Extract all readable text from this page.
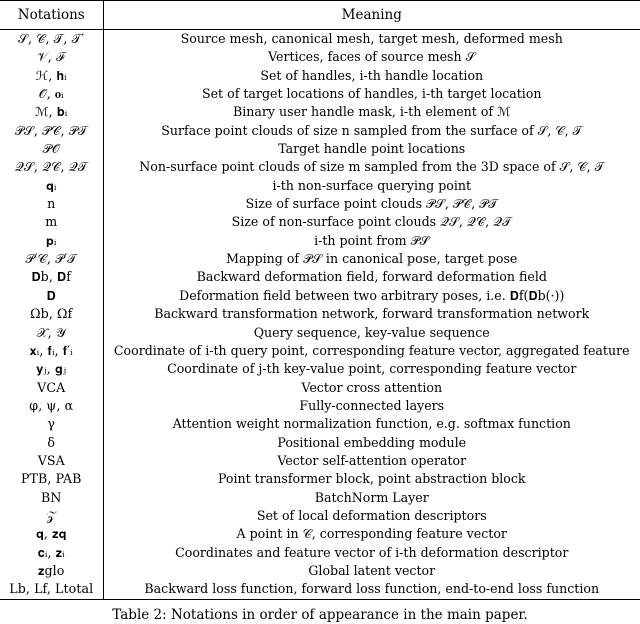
Notations	Meaning
𝒮, 𝒞, 𝒯, 𝒯′	Source mesh, canonical mesh, target mesh, deformed mesh
𝒱, ℱ	Vertices, faces of source mesh 𝒮
ℋ, 𝐡ᵢ	Set of handles, i-th handle location
𝒪, 𝐨ᵢ	Set of target locations of handles, i-th target location
ℳ, 𝐛ᵢ	Binary user handle mask, i-th element of ℳ
𝒫𝒮, 𝒫𝒞, 𝒫𝒯	Surface point clouds of size n sampled from the surface of 𝒮, 𝒞, 𝒯
𝒫𝒪	Target handle point locations
𝒬𝒮, 𝒬𝒞, 𝒬𝒯	Non-surface point clouds of size m sampled from the 3D space of 𝒮, 𝒞, 𝒯
𝐪ᵢ	i-th non-surface querying point
n	Size of surface point clouds 𝒫𝒮, 𝒫𝒞, 𝒫𝒯
m	Size of non-surface point clouds 𝒬𝒮, 𝒬𝒞, 𝒬𝒯
𝐩ᵢ	i-th point from 𝒫𝒮
𝒫′𝒞, 𝒫′𝒯	Mapping of 𝒫𝒮 in canonical pose, target pose
𝐃b, 𝐃f	Backward deformation field, forward deformation field
𝐃	Deformation field between two arbitrary poses, i.e. 𝐃f(𝐃b(·))
Ωb, Ωf	Backward transformation network, forward transformation network
𝒳, 𝒴	Query sequence, key-value sequence
𝐱ᵢ, 𝐟ᵢ, 𝐟′ᵢ	Coordinate of i-th query point, corresponding feature vector, aggregated feature
𝐲ⱼ, 𝐠ⱼ	Coordinate of j-th key-value point, corresponding feature vector
VCA	Vector cross attention
φ, ψ, α	Fully-connected layers
γ	Attention weight normalization function, e.g. softmax function
δ	Positional embedding module
VSA	Vector self-attention operator
PTB, PAB	Point transformer block, point abstraction block
BN	BatchNorm Layer
𝒵	Set of local deformation descriptors
𝐪, 𝐳𝐪	A point in 𝒞, corresponding feature vector
𝐜ᵢ, 𝐳ᵢ	Coordinates and feature vector of i-th deformation descriptor
𝐳glo	Global latent vector
Lb, Lf, Ltotal	Backward loss function, forward loss function, end-to-end loss function
Table 2: Notations in order of appearance in the main paper.
